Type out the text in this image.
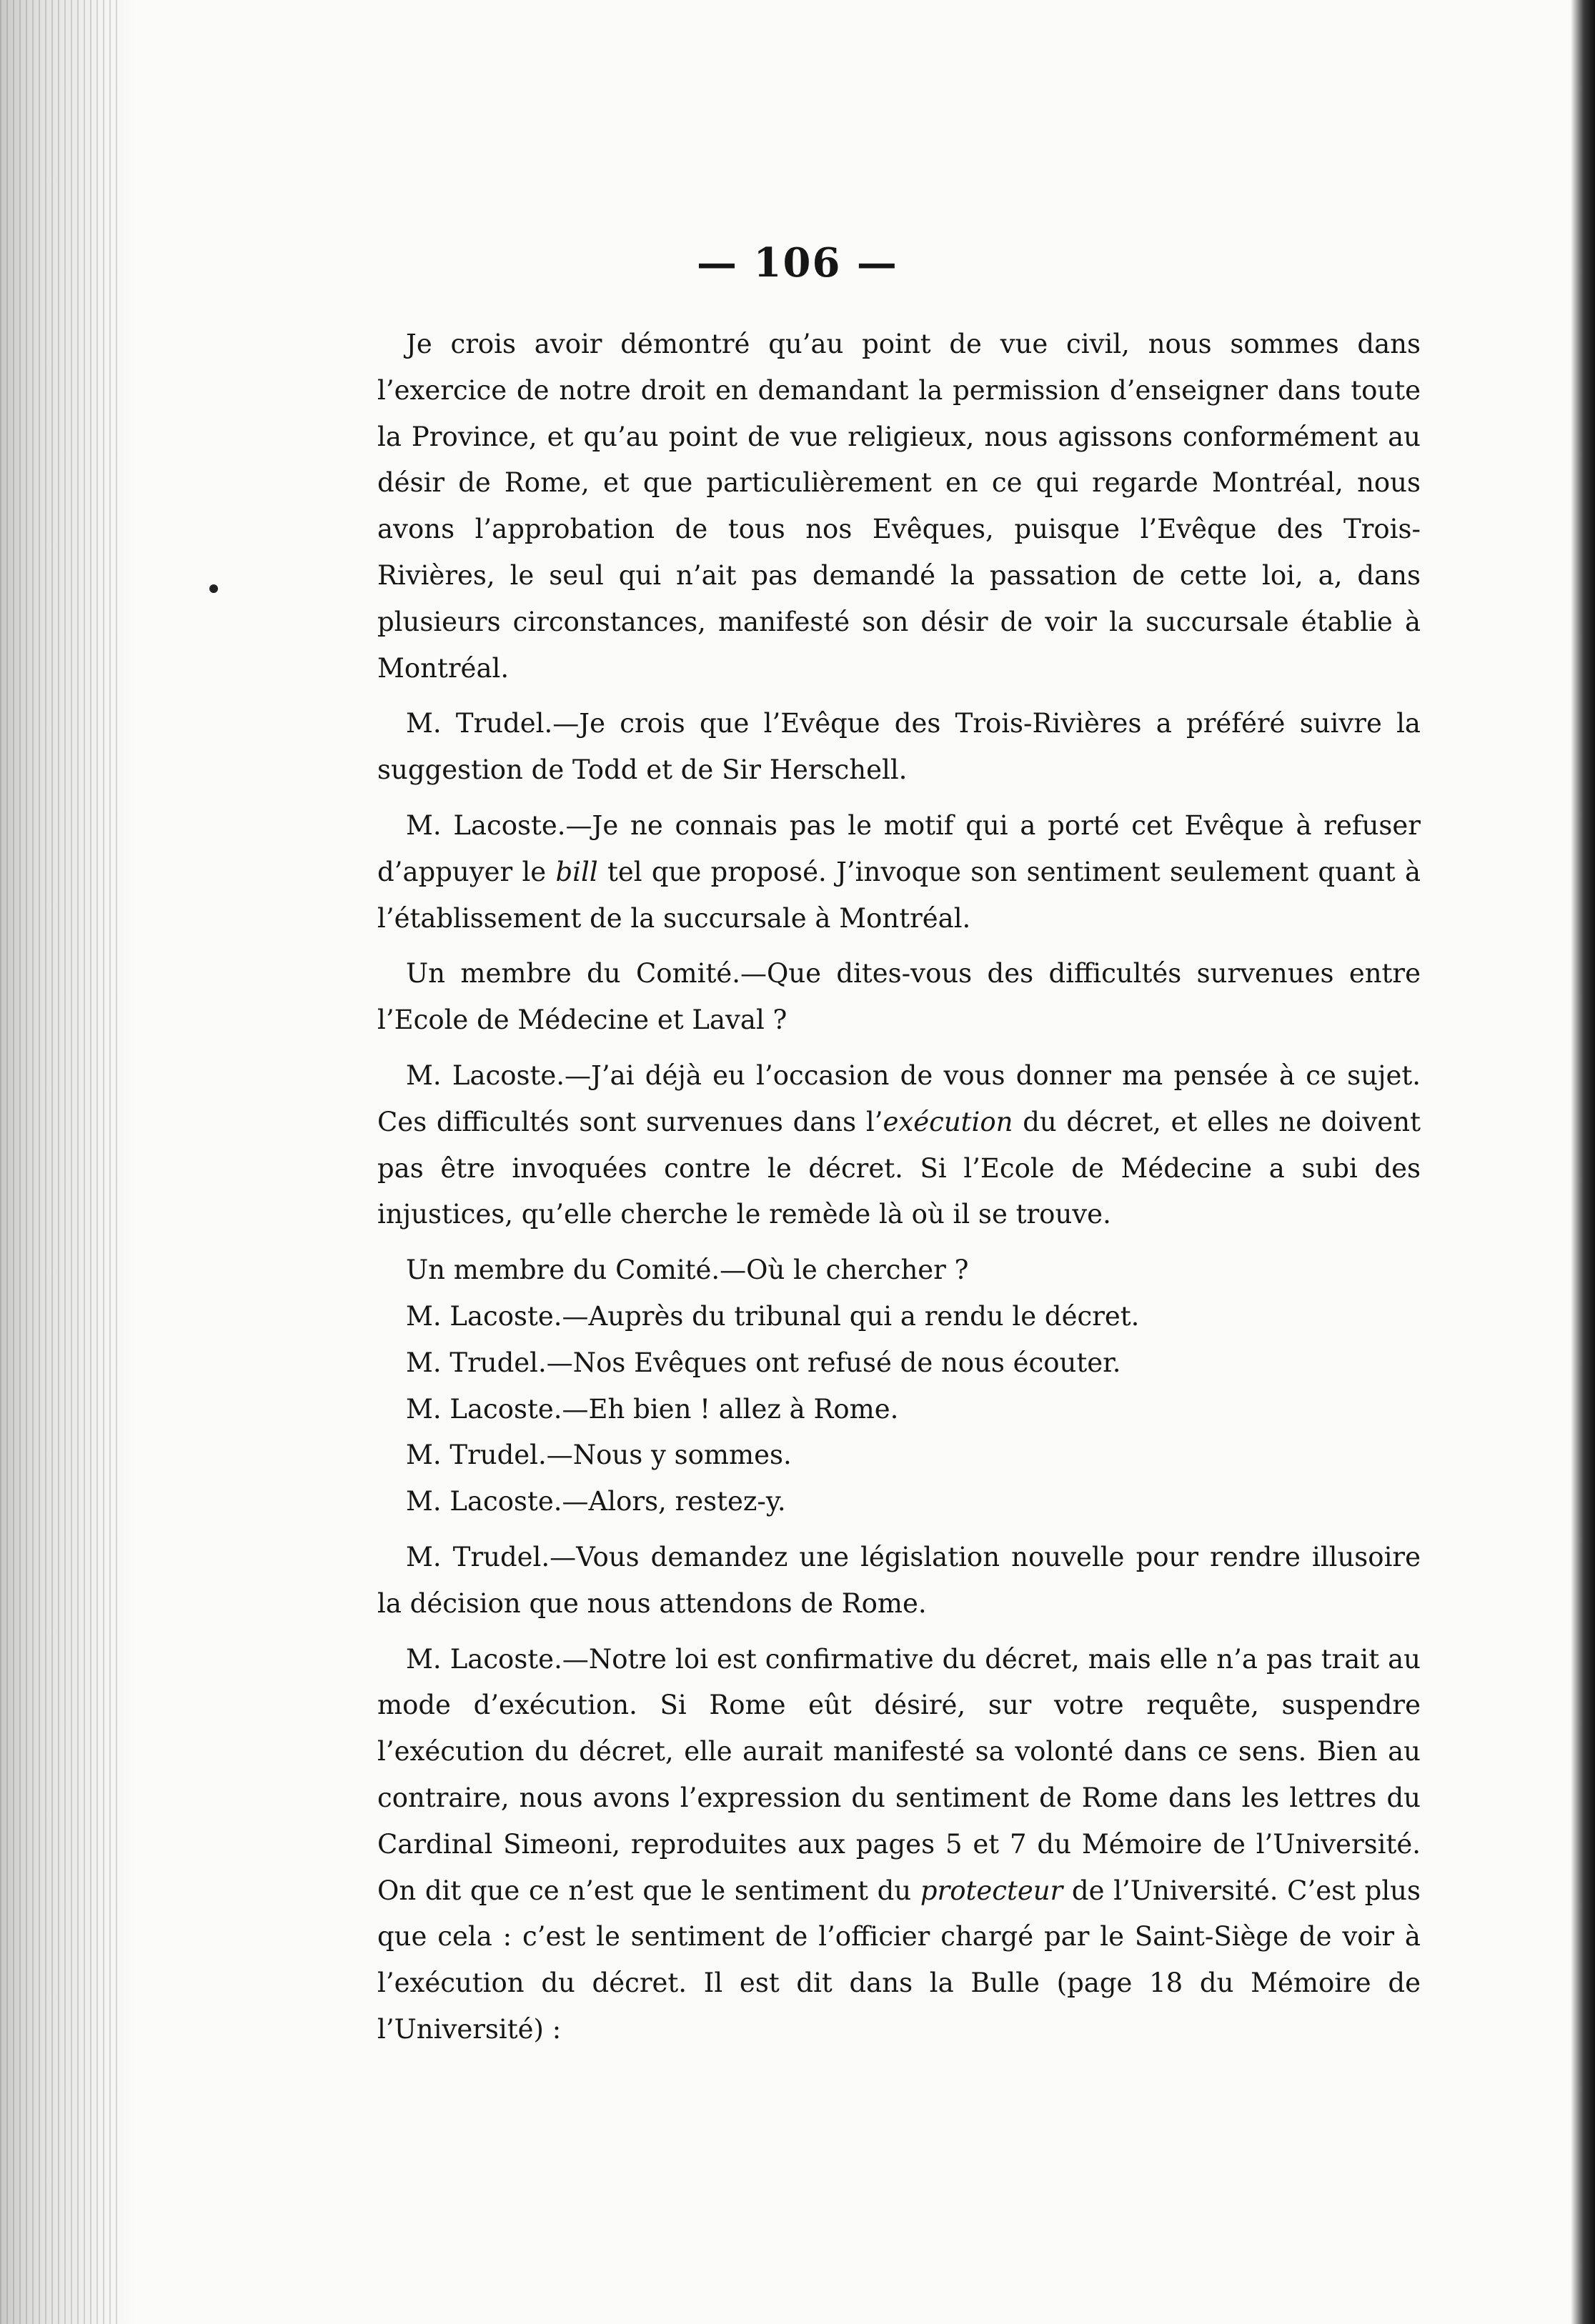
— 106 —

Je crois avoir démontré qu’au point de vue civil, nous sommes dans l’exercice de notre droit en demandant la permission d’enseigner dans toute la Province, et qu’au point de vue religieux, nous agissons conformément au désir de Rome, et que particulièrement en ce qui regarde Montréal, nous avons l’approbation de tous nos Evêques, puisque l’Evêque des Trois-Rivières, le seul qui n’ait pas demandé la passation de cette loi, a, dans plusieurs circonstances, manifesté son désir de voir la succursale établie à Montréal.

M. Trudel.—Je crois que l’Evêque des Trois-Rivières a préféré suivre la suggestion de Todd et de Sir Herschell.

M. Lacoste.—Je ne connais pas le motif qui a porté cet Evêque à refuser d’appuyer le bill tel que proposé. J’invoque son sentiment seulement quant à l’établissement de la succursale à Montréal.

Un membre du Comité.—Que dites-vous des difficultés survenues entre l’Ecole de Médecine et Laval ?

M. Lacoste.—J’ai déjà eu l’occasion de vous donner ma pensée à ce sujet. Ces difficultés sont survenues dans l’exécution du décret, et elles ne doivent pas être invoquées contre le décret. Si l’Ecole de Médecine a subi des injustices, qu’elle cherche le remède là où il se trouve.

Un membre du Comité.—Où le chercher ?

M. Lacoste.—Auprès du tribunal qui a rendu le décret.

M. Trudel.—Nos Evêques ont refusé de nous écouter.

M. Lacoste.—Eh bien ! allez à Rome.

M. Trudel.—Nous y sommes.

M. Lacoste.—Alors, restez-y.

M. Trudel.—Vous demandez une législation nouvelle pour rendre illusoire la décision que nous attendons de Rome.

M. Lacoste.—Notre loi est confirmative du décret, mais elle n’a pas trait au mode d’exécution. Si Rome eût désiré, sur votre requête, suspendre l’exécution du décret, elle aurait manifesté sa volonté dans ce sens. Bien au contraire, nous avons l’expression du sentiment de Rome dans les lettres du Cardinal Simeoni, reproduites aux pages 5 et 7 du Mémoire de l’Université. On dit que ce n’est que le sentiment du protecteur de l’Université. C’est plus que cela : c’est le sentiment de l’officier chargé par le Saint-Siège de voir à l’exécution du décret. Il est dit dans la Bulle (page 18 du Mémoire de l’Université) :
